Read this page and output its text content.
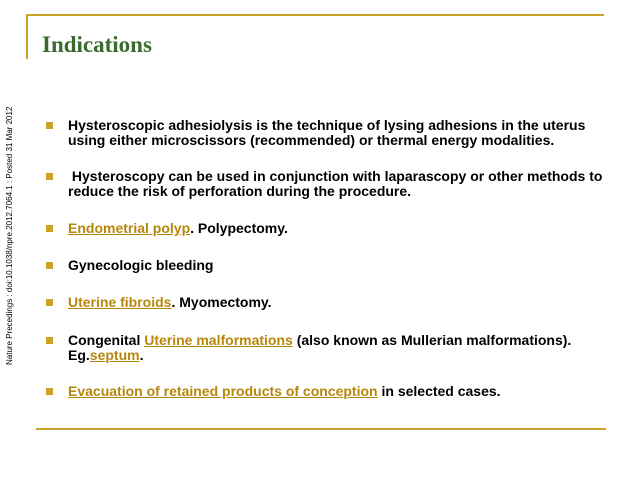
Indications
Nature Precedings : doi:10.1038/npre.2012.7064.1 : Posted 31 Mar 2012	Hysteroscopic adhesiolysis is the technique of lysing adhesions in the uterus using either microscissors (recommended) or thermal energy modalities.
Hysteroscopy can be used in conjunction with laparascopy or other methods to reduce the risk of perforation during the procedure.
Endometrial polyp. Polypectomy.
Gynecologic bleeding
Uterine fibroids. Myomectomy.
Congenital Uterine malformations (also known as Mullerian malformations). Eg.septum.
Evacuation of retained products of conception in selected cases.
